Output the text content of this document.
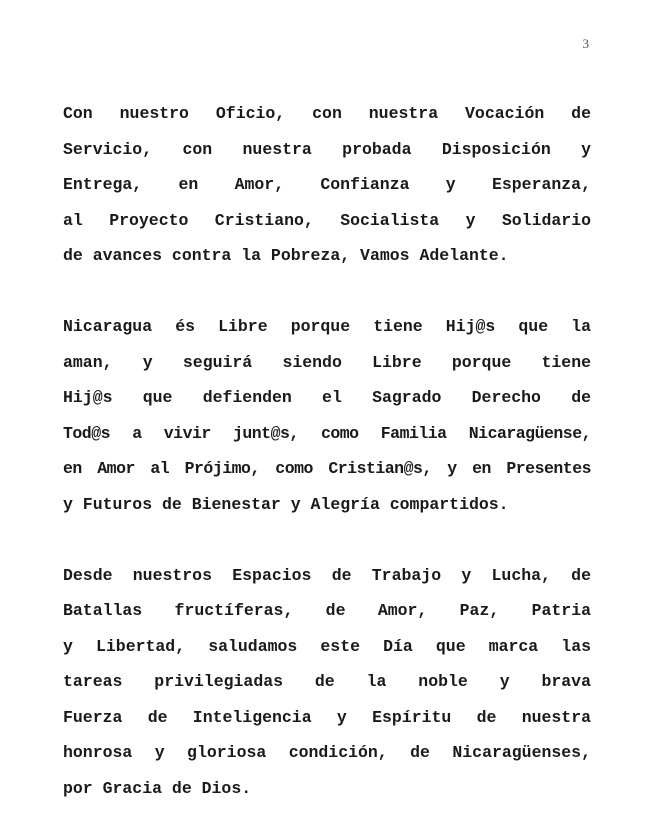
3
Con nuestro Oficio, con nuestra Vocación de
Servicio, con nuestra probada Disposición y
Entrega, en Amor, Confianza y Esperanza,
al Proyecto Cristiano, Socialista y Solidario
de avances contra la Pobreza, Vamos Adelante.
Nicaragua és Libre porque tiene Hij@s que la
aman, y seguirá siendo Libre porque tiene
Hij@s que defienden el Sagrado Derecho de
Tod@s a vivir junt@s, como Familia Nicaragüense,
en Amor al Prójimo, como Cristian@s, y en Presentes
y Futuros de Bienestar y Alegría compartidos.
Desde nuestros Espacios de Trabajo y Lucha, de
Batallas fructíferas, de Amor, Paz, Patria
y Libertad, saludamos este Día que marca las
tareas privilegiadas de la noble y brava
Fuerza de Inteligencia y Espíritu de nuestra
honrosa y gloriosa condición, de Nicaragüenses,
por Gracia de Dios.
